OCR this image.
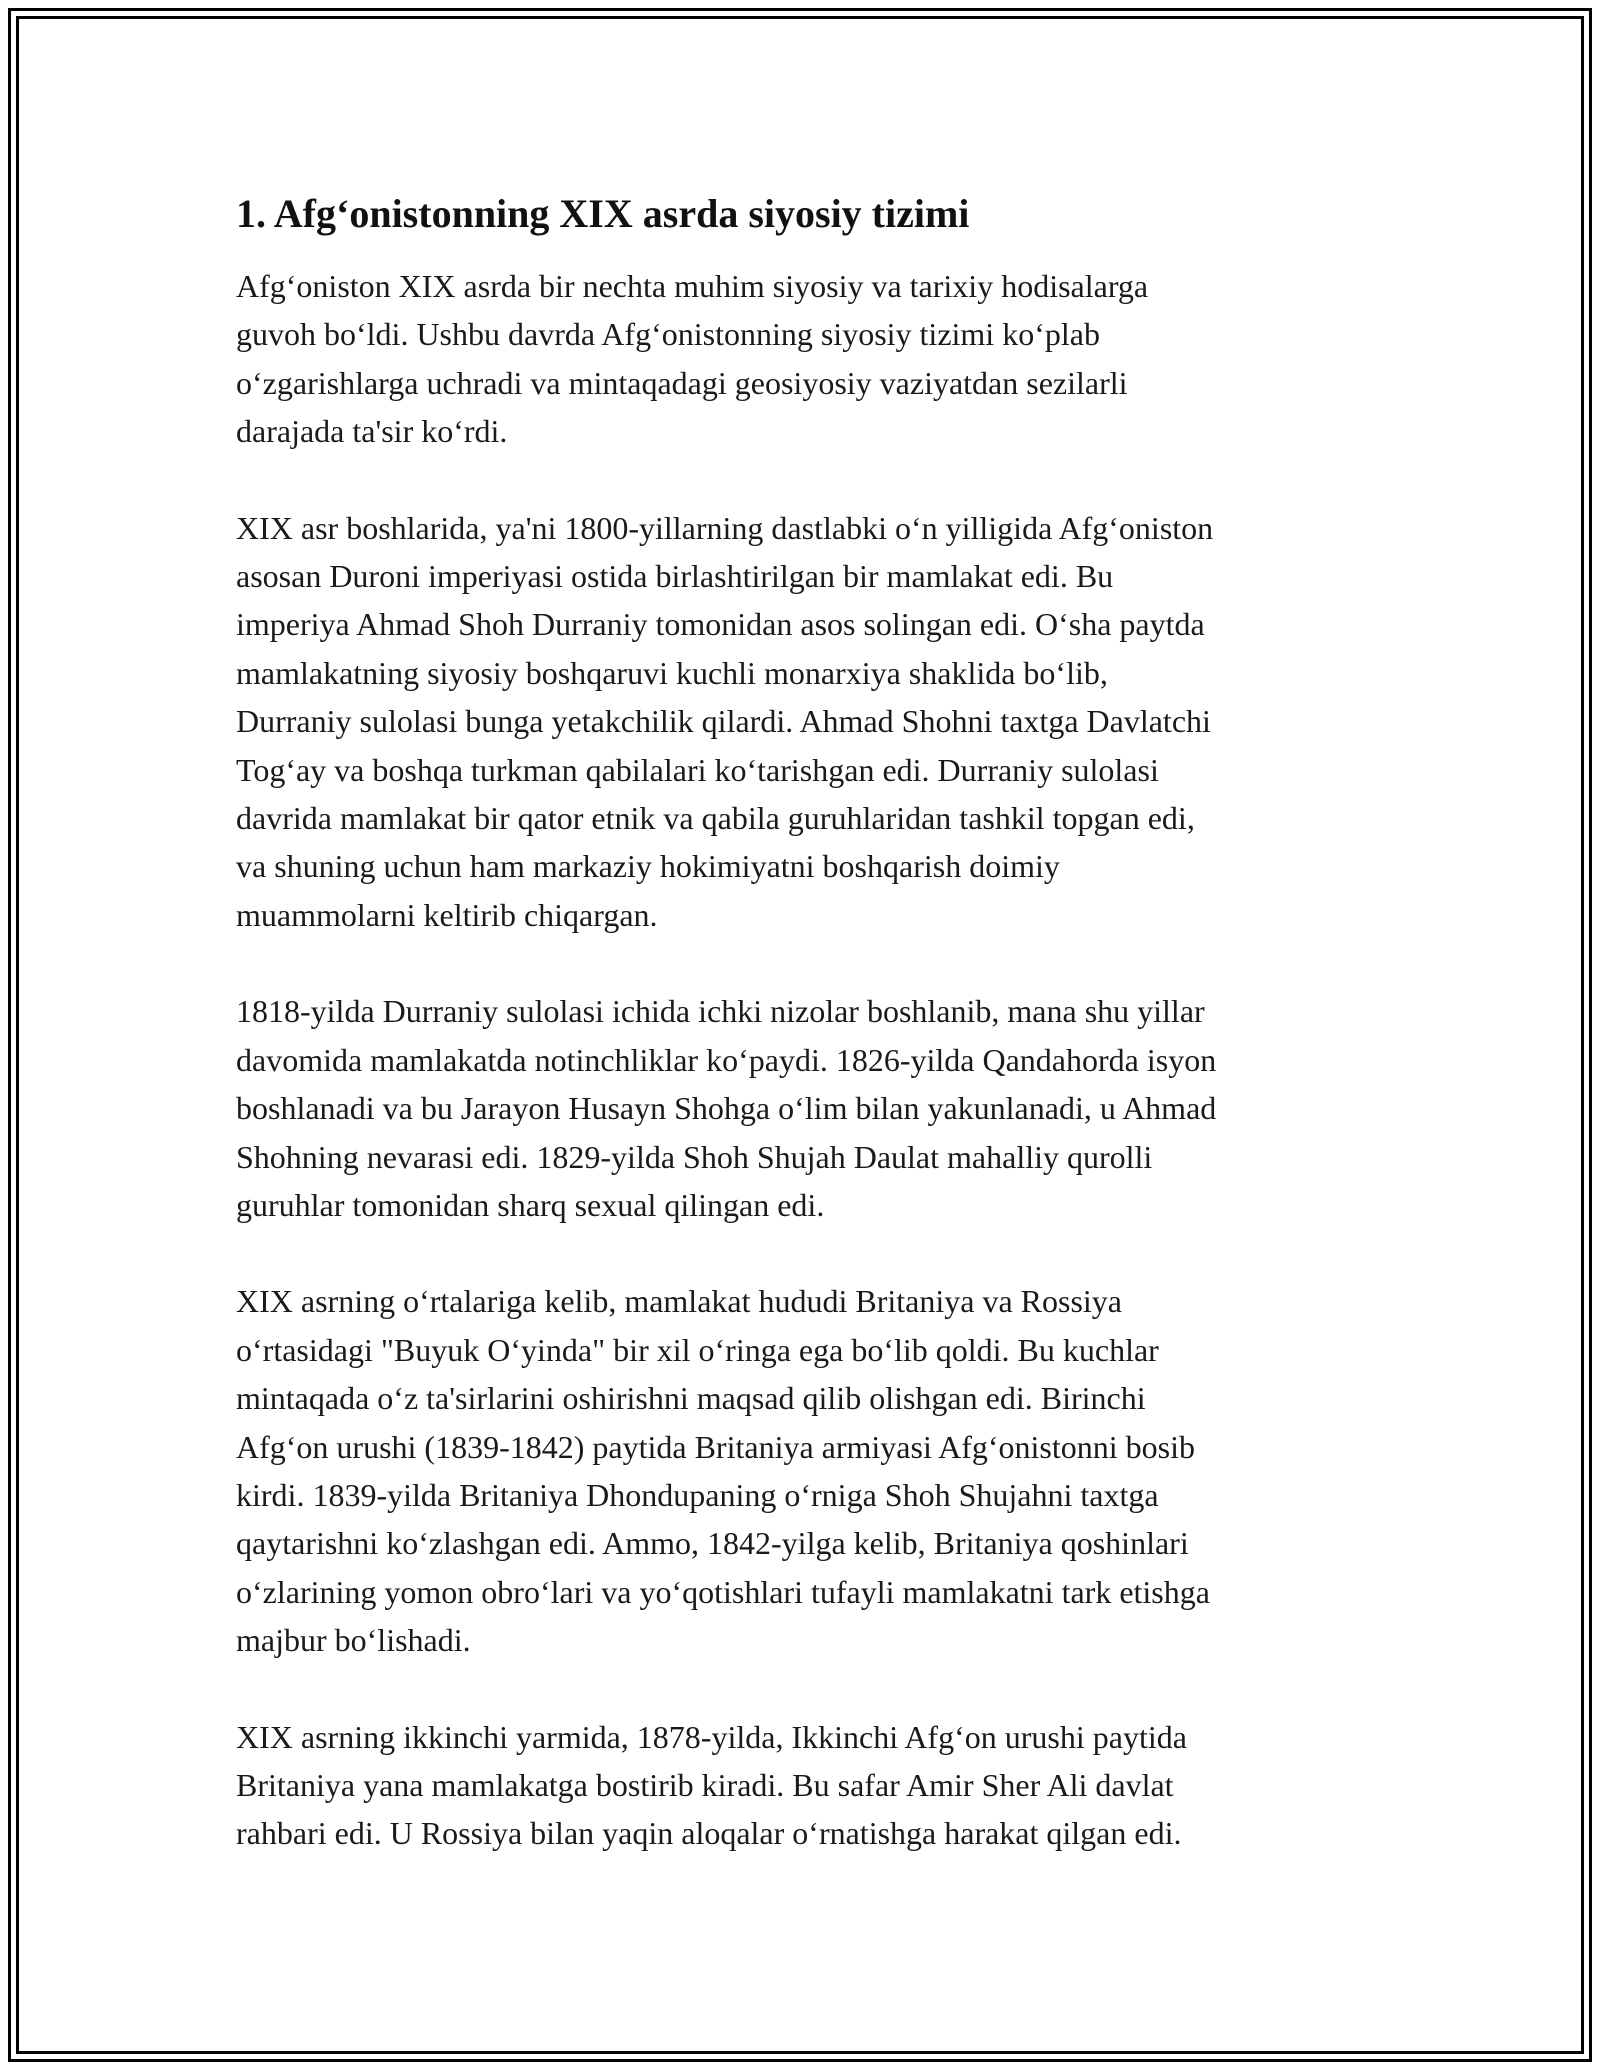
1. Afg‘onistonning XIX asrda siyosiy tizimi

Afg‘oniston XIX asrda bir nechta muhim siyosiy va tarixiy hodisalarga
guvoh bo‘ldi. Ushbu davrda Afg‘onistonning siyosiy tizimi ko‘plab
o‘zgarishlarga uchradi va mintaqadagi geosiyosiy vaziyatdan sezilarli
darajada ta'sir ko‘rdi.

XIX asr boshlarida, ya'ni 1800-yillarning dastlabki o‘n yilligida Afg‘oniston
asosan Duroni imperiyasi ostida birlashtirilgan bir mamlakat edi. Bu
imperiya Ahmad Shoh Durraniy tomonidan asos solingan edi. O‘sha paytda
mamlakatning siyosiy boshqaruvi kuchli monarxiya shaklida bo‘lib,
Durraniy sulolasi bunga yetakchilik qilardi. Ahmad Shohni taxtga Davlatchi
Tog‘ay va boshqa turkman qabilalari ko‘tarishgan edi. Durraniy sulolasi
davrida mamlakat bir qator etnik va qabila guruhlaridan tashkil topgan edi,
va shuning uchun ham markaziy hokimiyatni boshqarish doimiy
muammolarni keltirib chiqargan.

1818-yilda Durraniy sulolasi ichida ichki nizolar boshlanib, mana shu yillar
davomida mamlakatda notinchliklar ko‘paydi. 1826-yilda Qandahorda isyon
boshlanadi va bu Jarayon Husayn Shohga o‘lim bilan yakunlanadi, u Ahmad
Shohning nevarasi edi. 1829-yilda Shoh Shujah Daulat mahalliy qurolli
guruhlar tomonidan sharq sexual qilingan edi.

XIX asrning o‘rtalariga kelib, mamlakat hududi Britaniya va Rossiya
o‘rtasidagi "Buyuk O‘yinda" bir xil o‘ringa ega bo‘lib qoldi. Bu kuchlar
mintaqada o‘z ta'sirlarini oshirishni maqsad qilib olishgan edi. Birinchi
Afg‘on urushi (1839-1842) paytida Britaniya armiyasi Afg‘onistonni bosib
kirdi. 1839-yilda Britaniya Dhondupaning o‘rniga Shoh Shujahni taxtga
qaytarishni ko‘zlashgan edi. Ammo, 1842-yilga kelib, Britaniya qoshinlari
o‘zlarining yomon obro‘lari va yo‘qotishlari tufayli mamlakatni tark etishga
majbur bo‘lishadi.

XIX asrning ikkinchi yarmida, 1878-yilda, Ikkinchi Afg‘on urushi paytida
Britaniya yana mamlakatga bostirib kiradi. Bu safar Amir Sher Ali davlat
rahbari edi. U Rossiya bilan yaqin aloqalar o‘rnatishga harakat qilgan edi.
